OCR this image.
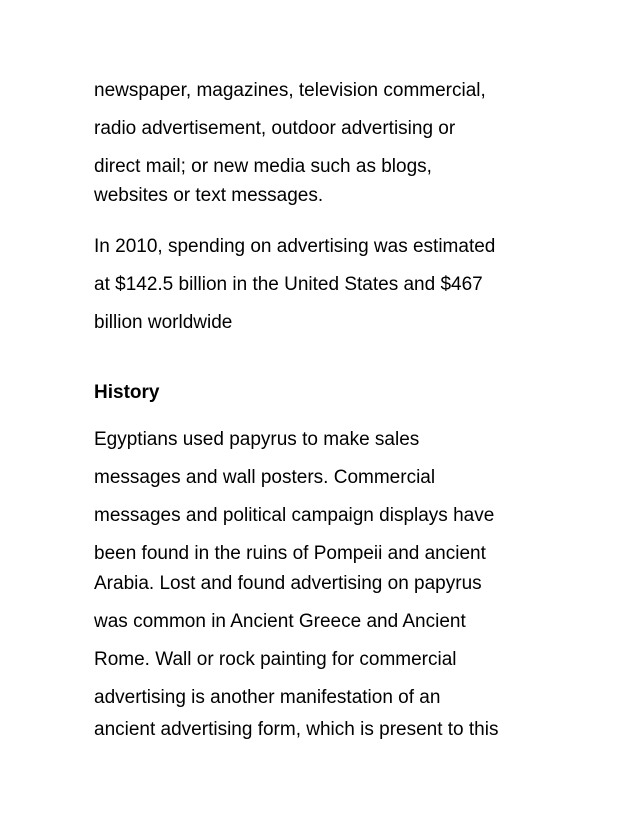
newspaper, magazines, television commercial,
radio advertisement, outdoor advertising or
direct mail; or new media such as blogs,
websites or text messages.
In 2010, spending on advertising was estimated
at $142.5 billion in the United States and $467
billion worldwide
History
Egyptians used papyrus to make sales
messages and wall posters. Commercial
messages and political campaign displays have
been found in the ruins of Pompeii and ancient
Arabia. Lost and found advertising on papyrus
was common in Ancient Greece and Ancient
Rome. Wall or rock painting for commercial
advertising is another manifestation of an
ancient advertising form, which is present to this
